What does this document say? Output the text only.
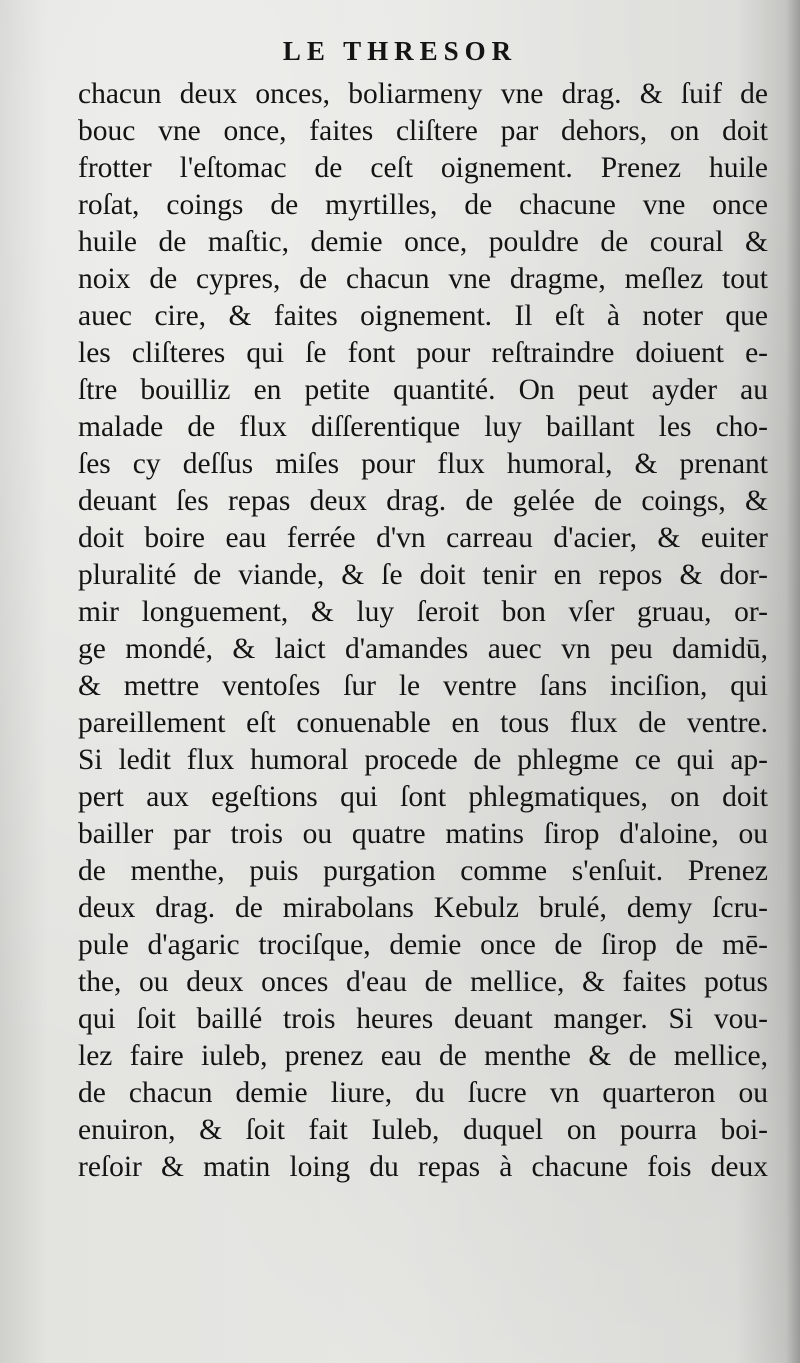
LE THRESOR
chacun deux onces, boliarmeny vne drag. & ſuif de
bouc vne once, faites cliſtere par dehors, on doit
frotter l'eſtomac de ceſt oignement. Prenez huile
roſat, coings de myrtilles, de chacune vne once
huile de maſtic, demie once, pouldre de coural &
noix de cypres, de chacun vne dragme, meſlez tout
auec cire, & faites oignement. Il eſt à noter que
les cliſteres qui ſe font pour reſtraindre doiuent e-
ſtre bouilliz en petite quantité. On peut ayder au
malade de flux diſſerentique luy baillant les cho-
ſes cy deſſus miſes pour flux humoral, & prenant
deuant ſes repas deux drag. de gelée de coings, &
doit boire eau ferrée d'vn carreau d'acier, & euiter
pluralité de viande, & ſe doit tenir en repos & dor-
mir longuement, & luy ſeroit bon vſer gruau, or-
ge mondé, & laict d'amandes auec vn peu damidū,
& mettre ventoſes ſur le ventre ſans inciſion, qui
pareillement eſt conuenable en tous flux de ventre.
Si ledit flux humoral procede de phlegme ce qui ap-
pert aux egeſtions qui ſont phlegmatiques, on doit
bailler par trois ou quatre matins ſirop d'aloine, ou
de menthe, puis purgation comme s'enſuit. Prenez
deux drag. de mirabolans Kebulz brulé, demy ſcru-
pule d'agaric trociſque, demie once de ſirop de mē-
the, ou deux onces d'eau de mellice, & faites potus
qui ſoit baillé trois heures deuant manger. Si vou-
lez faire iuleb, prenez eau de menthe & de mellice,
de chacun demie liure, du ſucre vn quarteron ou
enuiron, & ſoit fait Iuleb, duquel on pourra boi-
reſoir & matin loing du repas à chacune fois deux
